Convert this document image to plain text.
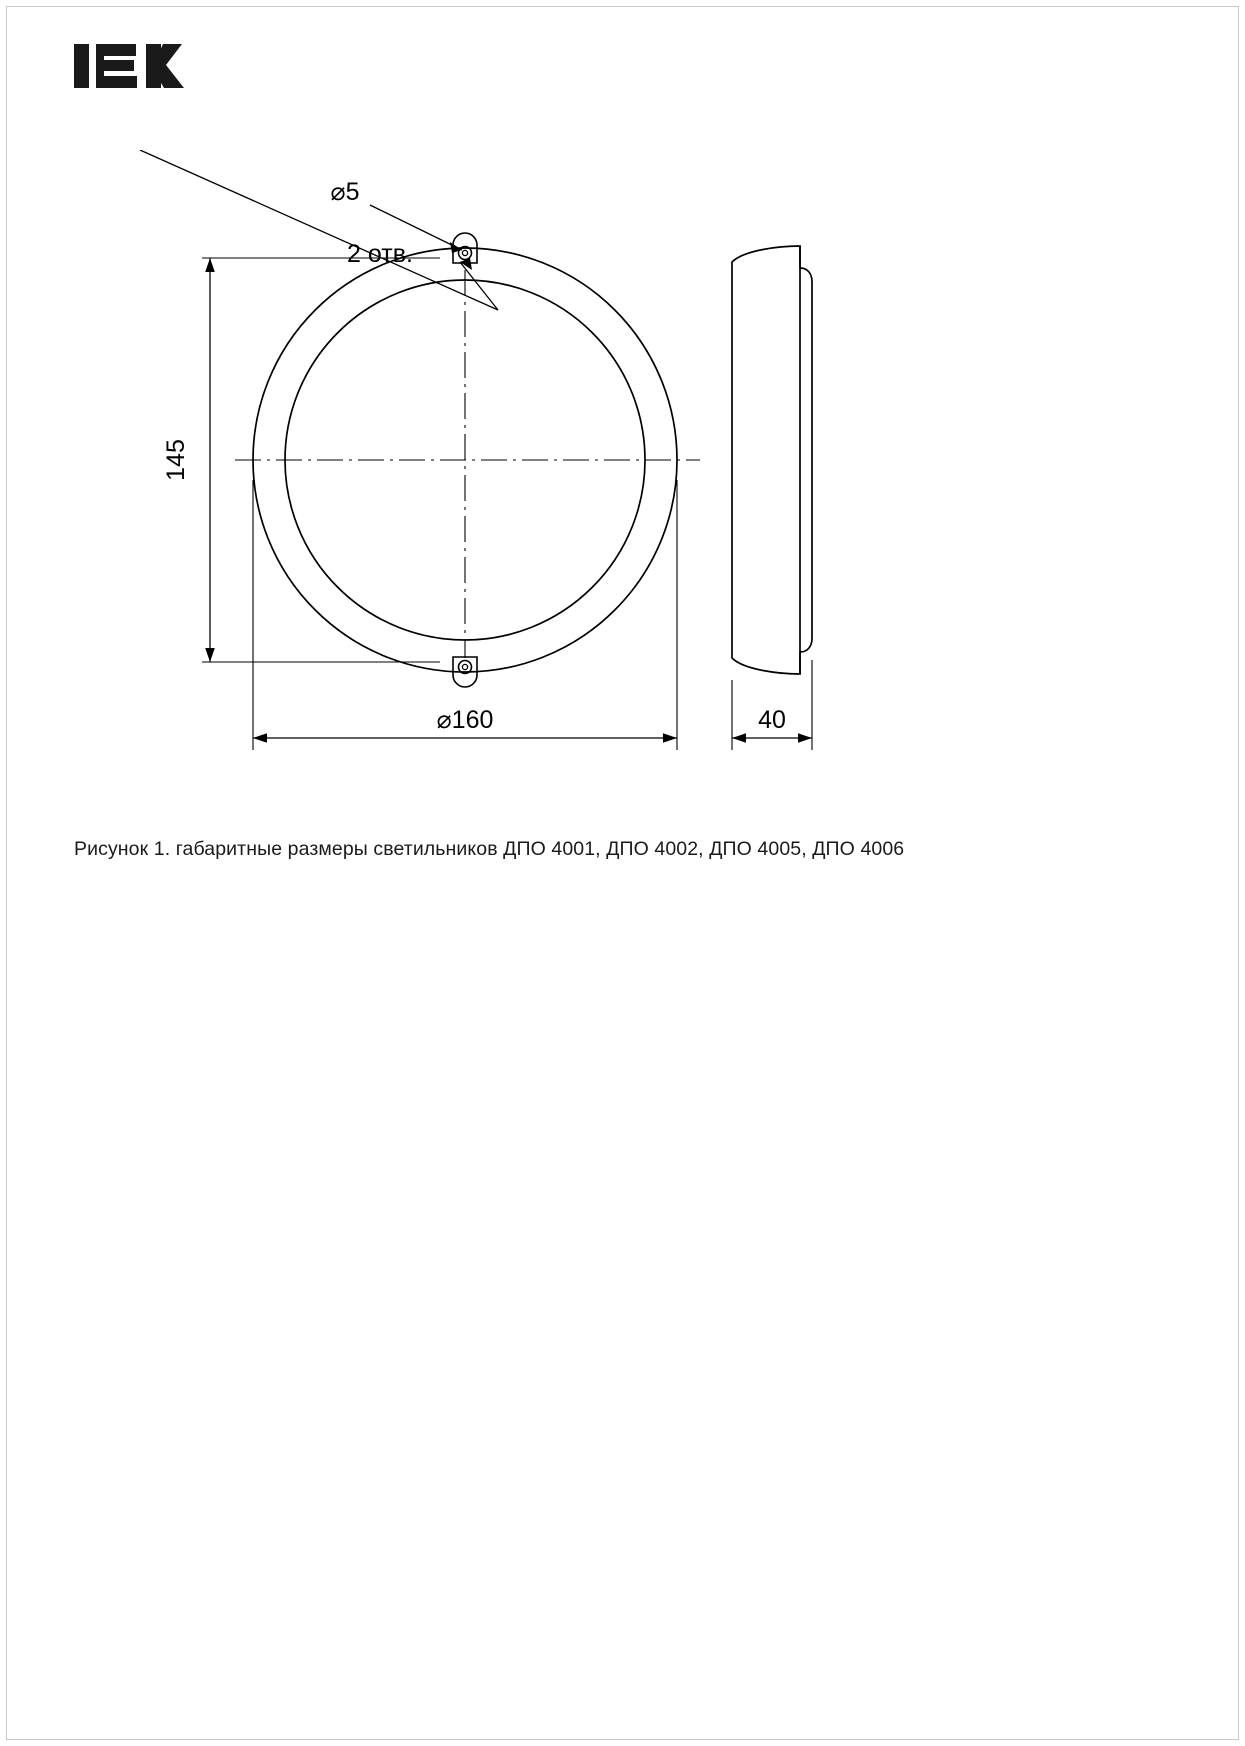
⌀5
2 отв.
145
⌀160	40
Рисунок 1. габаритные размеры светильников ДПО 4001, ДПО 4002, ДПО 4005, ДПО 4006
